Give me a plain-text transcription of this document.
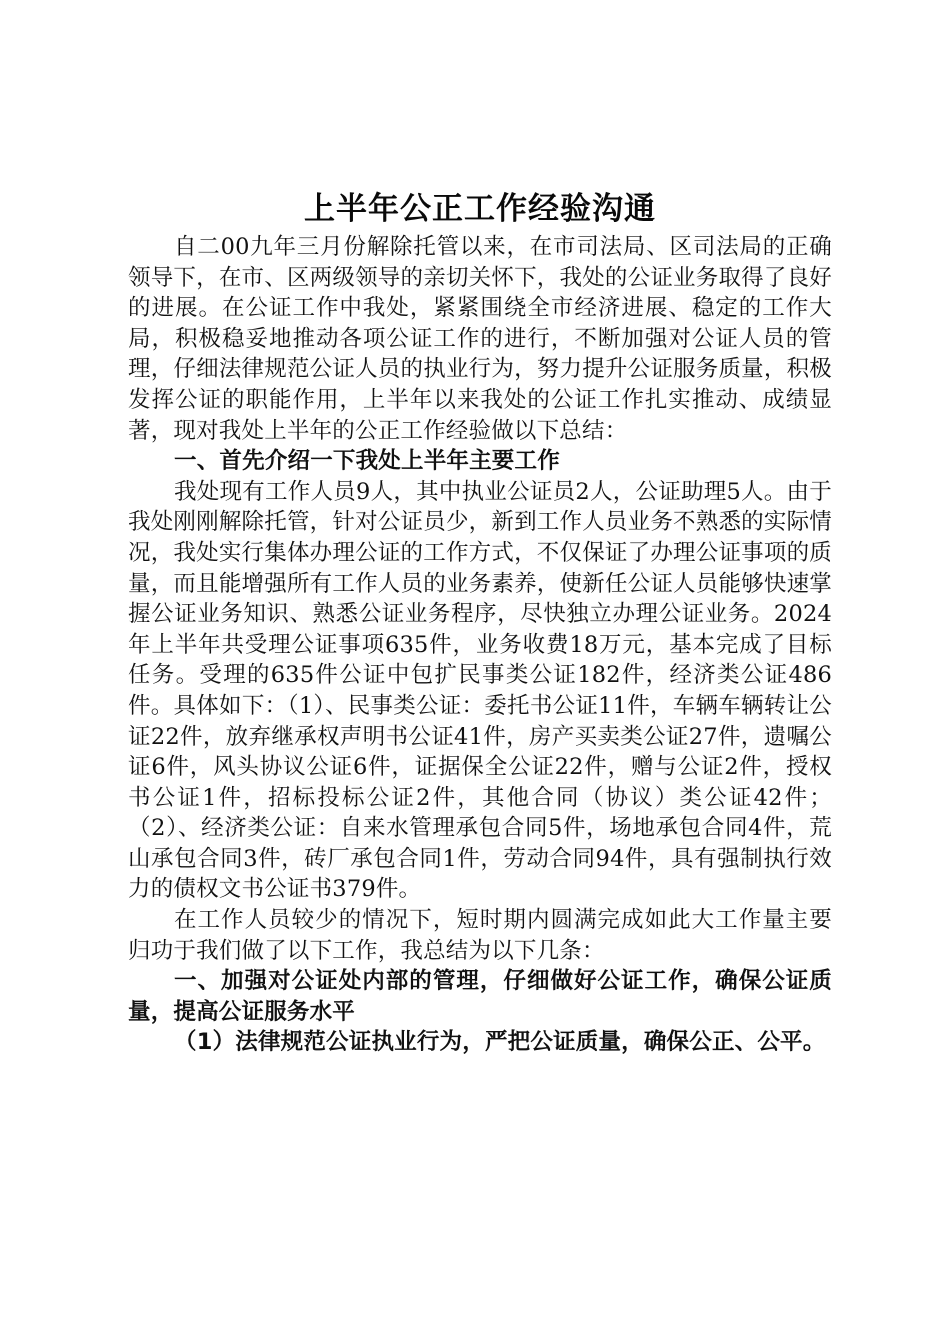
上半年公正工作经验沟通

自二00九年三月份解除托管以来，在市司法局、区司法局的正确领导下，在市、区两级领导的亲切关怀下，我处的公证业务取得了良好的进展。在公证工作中我处，紧紧围绕全市经济进展、稳定的工作大局，积极稳妥地推动各项公证工作的进行，不断加强对公证人员的管理，仔细法律规范公证人员的执业行为，努力提升公证服务质量，积极发挥公证的职能作用，上半年以来我处的公证工作扎实推动、成绩显著，现对我处上半年的公正工作经验做以下总结：

一、首先介绍一下我处上半年主要工作

我处现有工作人员9人，其中执业公证员2人，公证助理5人。由于我处刚刚解除托管，针对公证员少，新到工作人员业务不熟悉的实际情况，我处实行集体办理公证的工作方式，不仅保证了办理公证事项的质量，而且能增强所有工作人员的业务素养，使新任公证人员能够快速掌握公证业务知识、熟悉公证业务程序，尽快独立办理公证业务。2024年上半年共受理公证事项635件，业务收费18万元，基本完成了目标任务。受理的635件公证中包扩民事类公证182件，经济类公证486件。具体如下：（1）、民事类公证：委托书公证11件，车辆车辆转让公证22件，放弃继承权声明书公证41件，房产买卖类公证27件，遗嘱公证6件，风头协议公证6件，证据保全公证22件，赠与公证2件，授权书公证1件，招标投标公证2件，其他合同（协议）类公证42件；（2）、经济类公证：自来水管理承包合同5件，场地承包合同4件，荒山承包合同3件，砖厂承包合同1件，劳动合同94件，具有强制执行效力的债权文书公证书379件。

在工作人员较少的情况下，短时期内圆满完成如此大工作量主要归功于我们做了以下工作，我总结为以下几条：

一、加强对公证处内部的管理，仔细做好公证工作，确保公证质量，提高公证服务水平

（1）法律规范公证执业行为，严把公证质量，确保公正、公平。
